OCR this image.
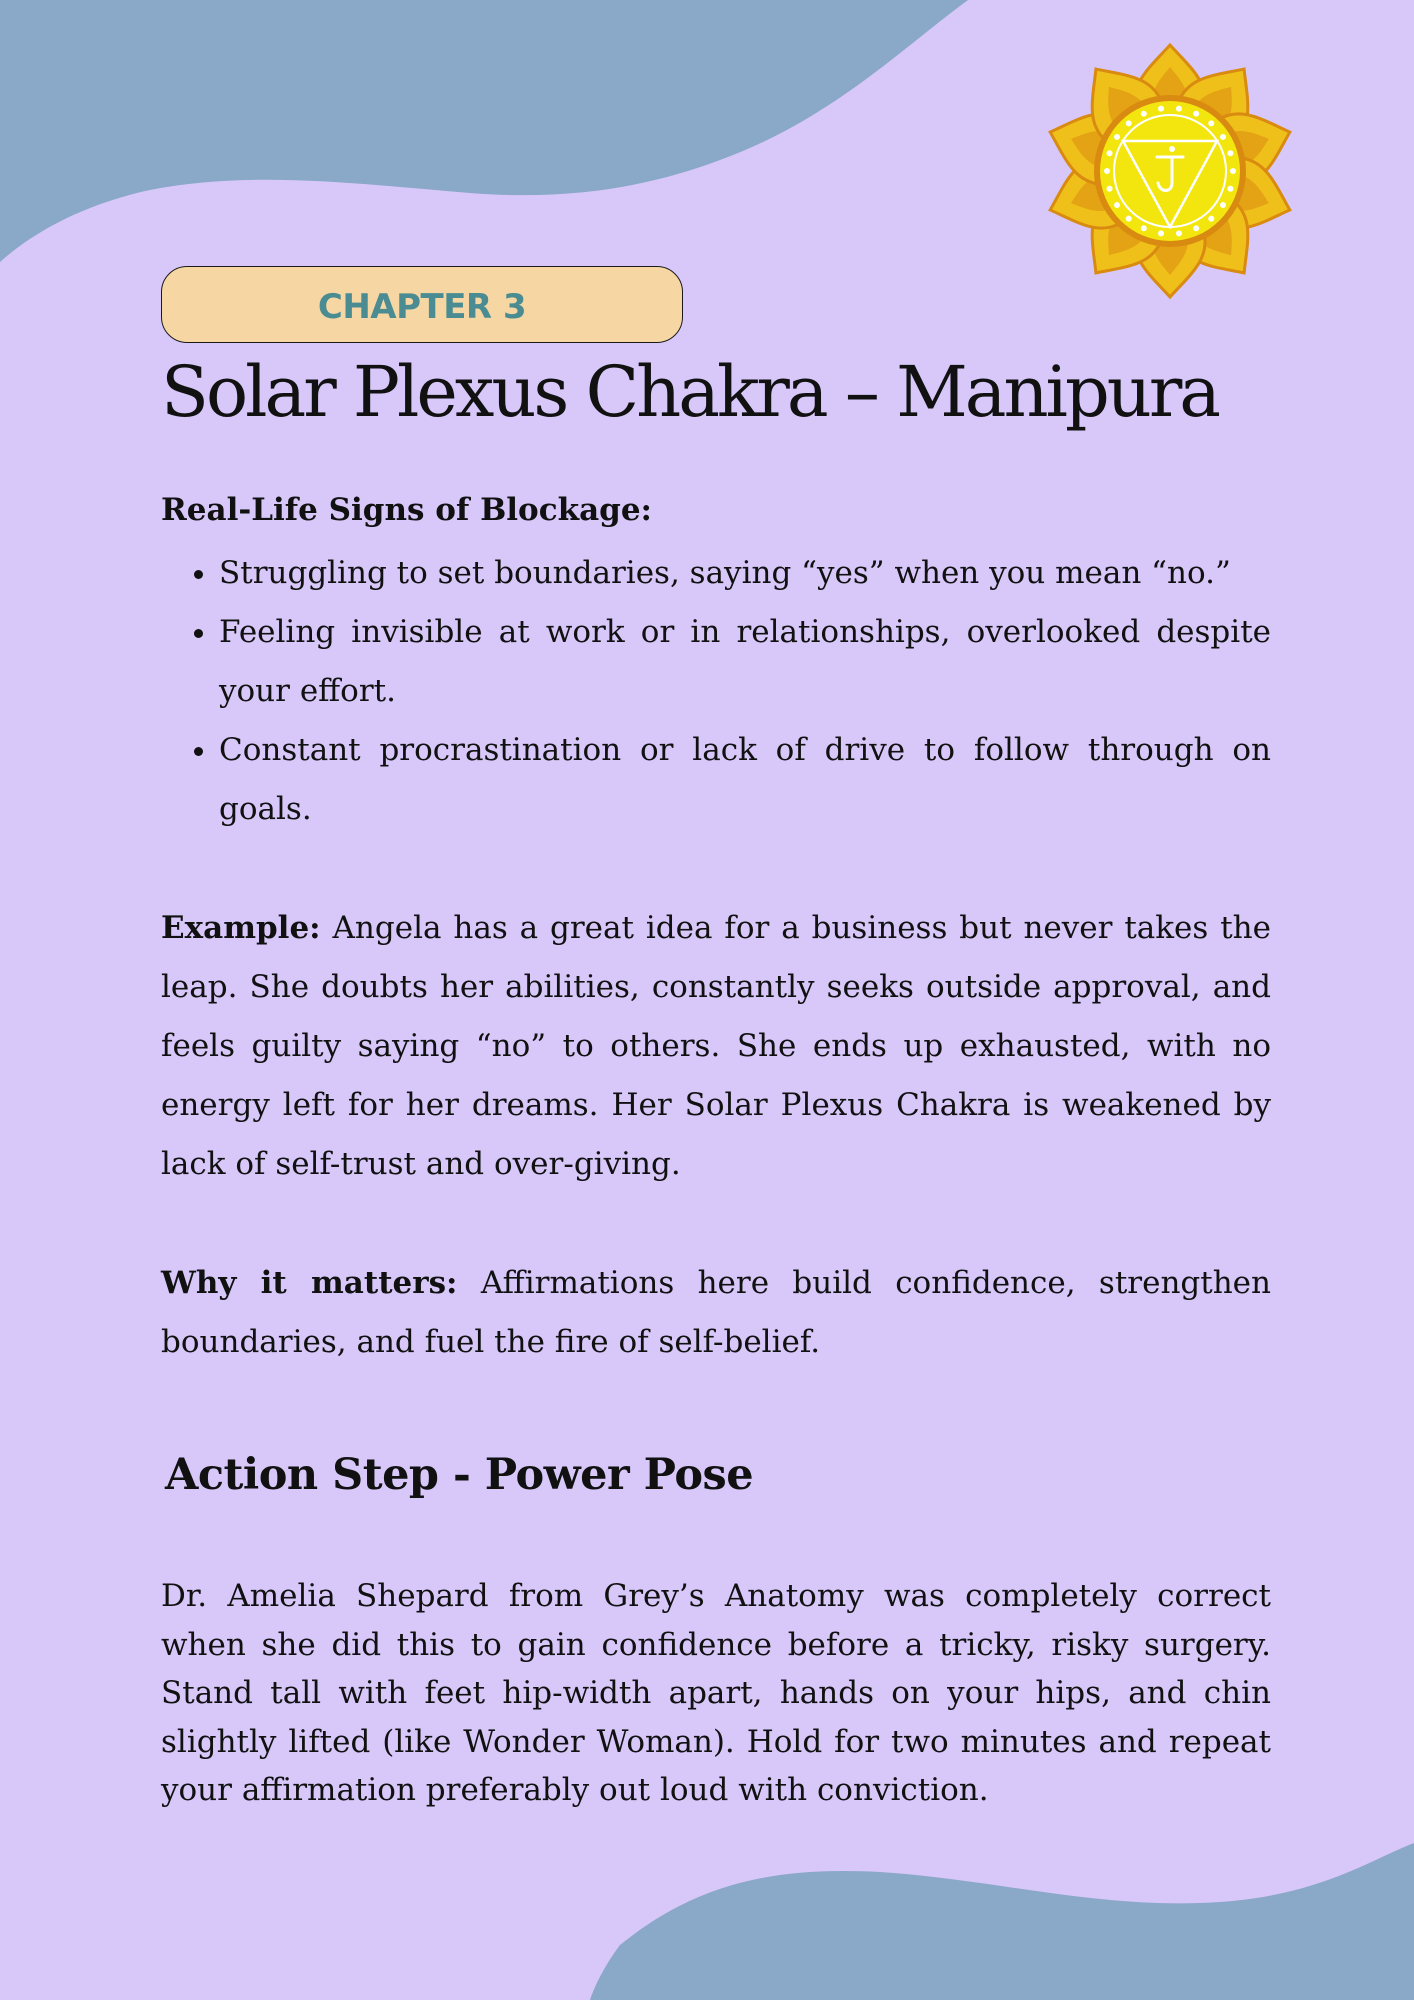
CHAPTER 3
Solar Plexus Chakra – Manipura
Real-Life Signs of Blockage:
• Struggling to set boundaries, saying “yes” when you mean “no.”
• Feeling invisible at work or in relationships, overlooked despite your effort.
• Constant procrastination or lack of drive to follow through on goals.

Example: Angela has a great idea for a business but never takes the leap. She doubts her abilities, constantly seeks outside approval, and feels guilty saying “no” to others. She ends up exhausted, with no energy left for her dreams. Her Solar Plexus Chakra is weakened by lack of self-trust and over-giving.

Why it matters: Affirmations here build confidence, strengthen boundaries, and fuel the fire of self-belief.

Action Step - Power Pose

Dr. Amelia Shepard from Grey’s Anatomy was completely correct when she did this to gain confidence before a tricky, risky surgery. Stand tall with feet hip-width apart, hands on your hips, and chin slightly lifted (like Wonder Woman). Hold for two minutes and repeat your affirmation preferably out loud with conviction.
